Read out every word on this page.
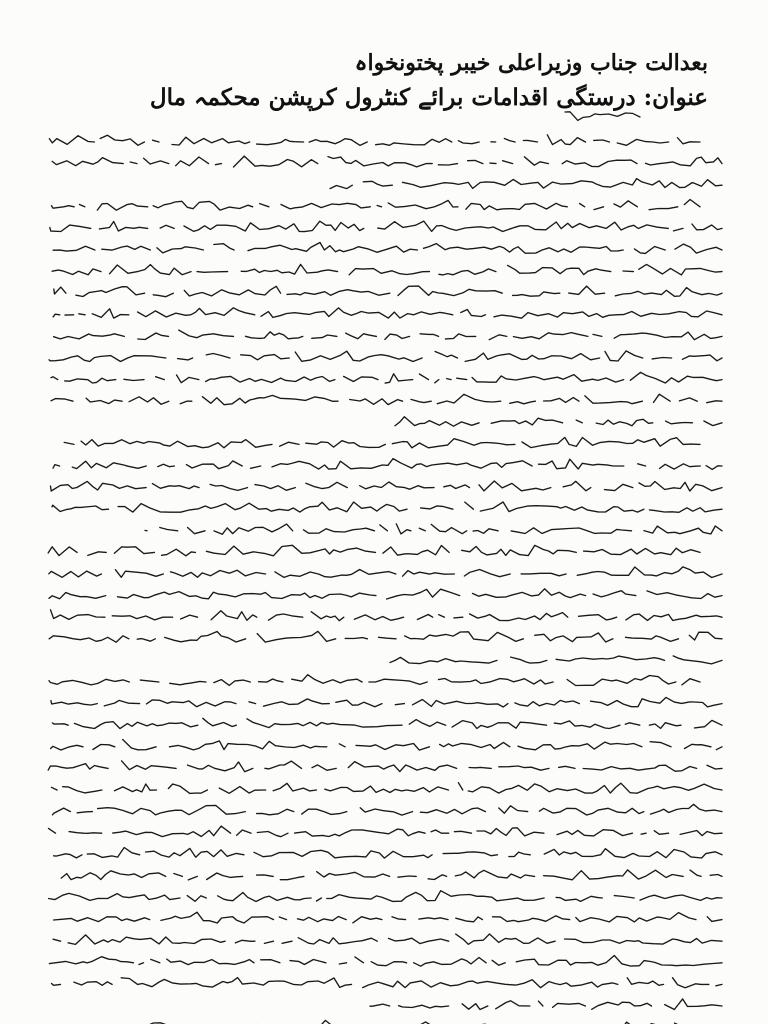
بعدالت جناب وزیراعلی خیبر پختونخواہ
عنوان: درستگی اقدامات برائے کنٹرول کرپشن محکمہ مال
